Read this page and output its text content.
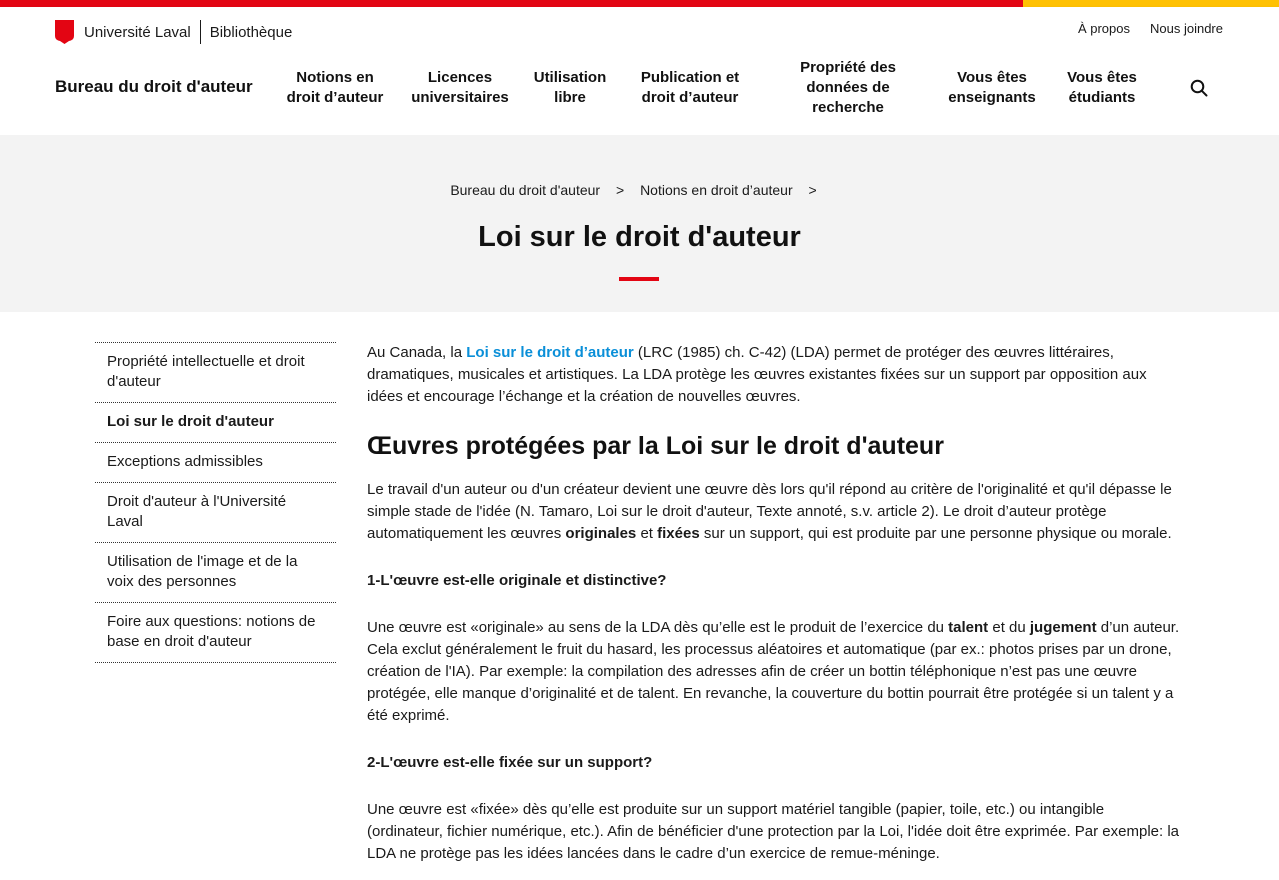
Université Laval Bibliothèque	À propos Nous joindre
Bureau du droit d'auteur	Notions en
droit d’auteur
Licences
universitaires
Utilisation
libre
Publication et
droit d’auteur
Propriété des
données de
recherche
Vous êtes
enseignants
Vous êtes
étudiants
Bureau du droit d'auteur > Notions en droit d’auteur >
Loi sur le droit d'auteur
Propriété intellectuelle et droit d'auteur
Loi sur le droit d'auteur
Exceptions admissibles
Droit d'auteur à l'Université Laval
Utilisation de l'image et de la voix des personnes
Foire aux questions: notions de base en droit d'auteur

Au Canada, la Loi sur le droit d’auteur (LRC (1985) ch. C-42) (LDA) permet de protéger des œuvres littéraires, dramatiques, musicales et artistiques. La LDA protège les œuvres existantes fixées sur un support par opposition aux idées et encourage l’échange et la création de nouvelles œuvres.

Œuvres protégées par la Loi sur le droit d'auteur

Le travail d'un auteur ou d'un créateur devient une œuvre dès lors qu'il répond au critère de l'originalité et qu'il dépasse le simple stade de l'idée (N. Tamaro, Loi sur le droit d'auteur, Texte annoté, s.v. article 2). Le droit d’auteur protège automatiquement les œuvres originales et fixées sur un support, qui est produite par une personne physique ou morale.

1-L'œuvre est-elle originale et distinctive?

Une œuvre est «originale» au sens de la LDA dès qu’elle est le produit de l’exercice du talent et du jugement d’un auteur. Cela exclut généralement le fruit du hasard, les processus aléatoires et automatique (par ex.: photos prises par un drone, création de l'IA). Par exemple: la compilation des adresses afin de créer un bottin téléphonique n’est pas une œuvre protégée, elle manque d’originalité et de talent. En revanche, la couverture du bottin pourrait être protégée si un talent y a été exprimé.

2-L'œuvre est-elle fixée sur un support?

Une œuvre est «fixée» dès qu’elle est produite sur un support matériel tangible (papier, toile, etc.) ou intangible (ordinateur, fichier numérique, etc.). Afin de bénéficier d'une protection par la Loi, l'idée doit être exprimée. Par exemple: la LDA ne protège pas les idées lancées dans le cadre d’un exercice de remue-méninge.
